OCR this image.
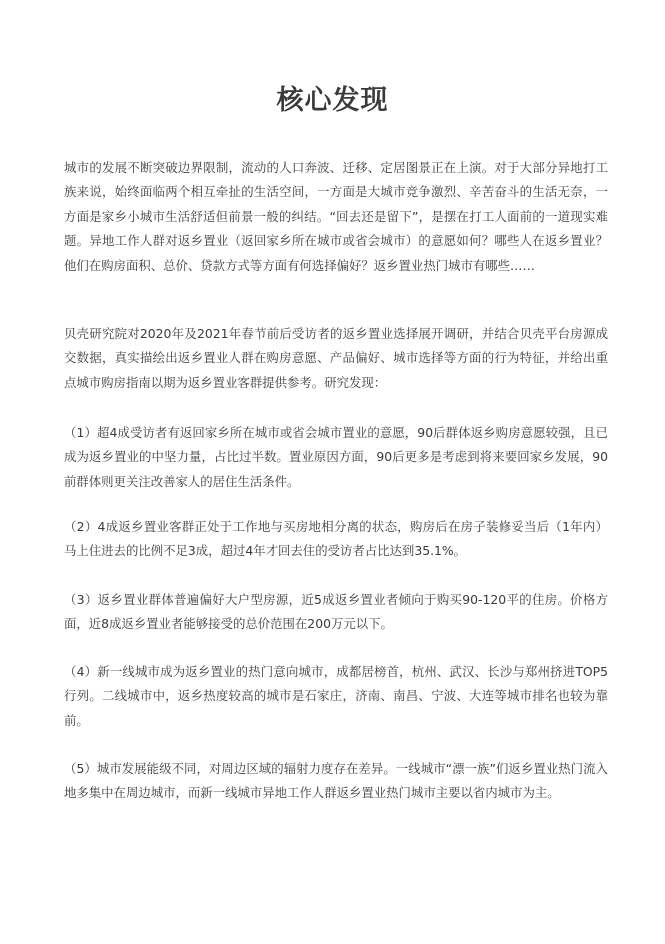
核心发现

城市的发展不断突破边界限制，流动的人口奔波、迁移、定居图景正在上演。对于大部分异地打工族来说，始终面临两个相互牵扯的生活空间，一方面是大城市竞争激烈、辛苦奋斗的生活无奈，一方面是家乡小城市生活舒适但前景一般的纠结。“回去还是留下”，是摆在打工人面前的一道现实难题。异地工作人群对返乡置业（返回家乡所在城市或省会城市）的意愿如何？哪些人在返乡置业？他们在购房面积、总价、贷款方式等方面有何选择偏好？返乡置业热门城市有哪些……

贝壳研究院对2020年及2021年春节前后受访者的返乡置业选择展开调研，并结合贝壳平台房源成交数据，真实描绘出返乡置业人群在购房意愿、产品偏好、城市选择等方面的行为特征，并给出重点城市购房指南以期为返乡置业客群提供参考。研究发现：

（1）超4成受访者有返回家乡所在城市或省会城市置业的意愿，90后群体返乡购房意愿较强，且已成为返乡置业的中坚力量，占比过半数。置业原因方面，90后更多是考虑到将来要回家乡发展，90前群体则更关注改善家人的居住生活条件。

（2）4成返乡置业客群正处于工作地与买房地相分离的状态，购房后在房子装修妥当后（1年内）马上住进去的比例不足3成，超过4年才回去住的受访者占比达到35.1%。

（3）返乡置业群体普遍偏好大户型房源，近5成返乡置业者倾向于购买90-120平的住房。价格方面，近8成返乡置业者能够接受的总价范围在200万元以下。

（4）新一线城市成为返乡置业的热门意向城市，成都居榜首，杭州、武汉、长沙与郑州挤进TOP5行列。二线城市中，返乡热度较高的城市是石家庄，济南、南昌、宁波、大连等城市排名也较为靠前。

（5）城市发展能级不同，对周边区域的辐射力度存在差异。一线城市“漂一族”们返乡置业热门流入地多集中在周边城市，而新一线城市异地工作人群返乡置业热门城市主要以省内城市为主。
